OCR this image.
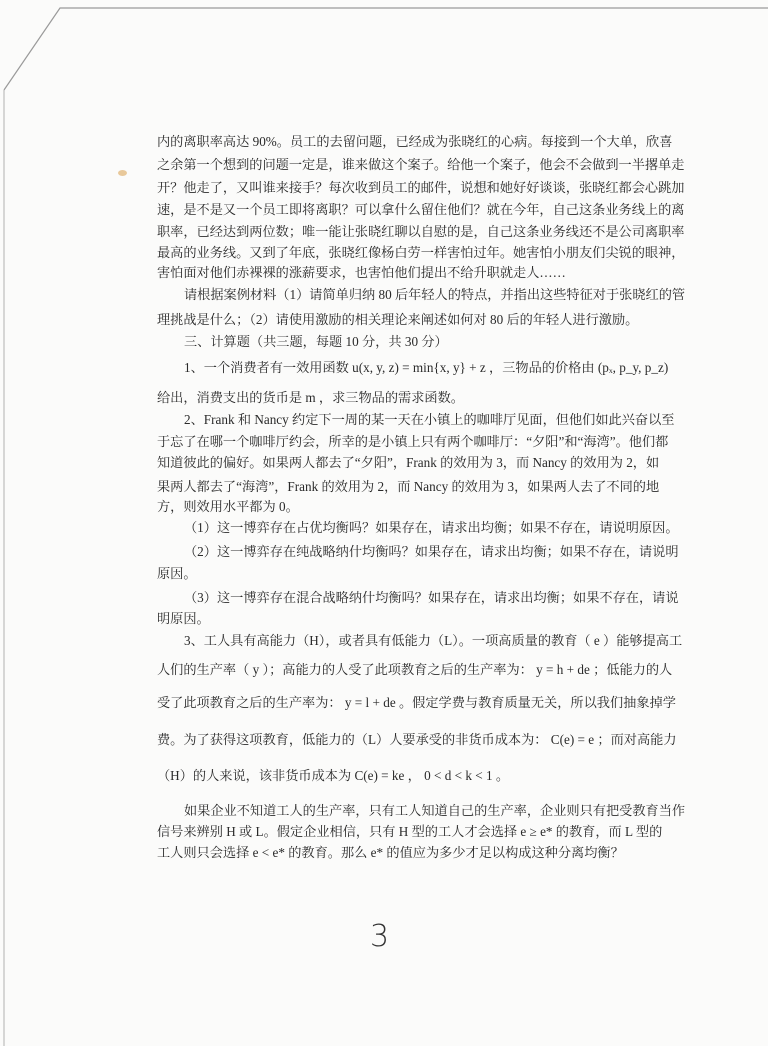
内的离职率高达 90%。员工的去留问题，已经成为张晓红的心病。每接到一个大单，欣喜
之余第一个想到的问题一定是，谁来做这个案子。给他一个案子，他会不会做到一半撂单走
开？他走了，又叫谁来接手？每次收到员工的邮件，说想和她好好谈谈，张晓红都会心跳加
速，是不是又一个员工即将离职？可以拿什么留住他们？就在今年，自己这条业务线上的离
职率，已经达到两位数；唯一能让张晓红聊以自慰的是，自己这条业务线还不是公司离职率
最高的业务线。又到了年底，张晓红像杨白劳一样害怕过年。她害怕小朋友们尖锐的眼神，
害怕面对他们赤裸裸的涨薪要求，也害怕他们提出不给升职就走人……
请根据案例材料（1）请简单归纳 80 后年轻人的特点，并指出这些特征对于张晓红的管
理挑战是什么；（2）请使用激励的相关理论来阐述如何对 80 后的年轻人进行激励。
三、计算题（共三题，每题 10 分，共 30 分）
1、一个消费者有一效用函数 u(x, y, z) = min{x, y} + z ，三物品的价格由 (pₓ, p_y, p_z)
给出，消费支出的货币是 m ，求三物品的需求函数。
2、Frank 和 Nancy 约定下一周的某一天在小镇上的咖啡厅见面，但他们如此兴奋以至
于忘了在哪一个咖啡厅约会，所幸的是小镇上只有两个咖啡厅：“夕阳”和“海湾”。他们都
知道彼此的偏好。如果两人都去了“夕阳”，Frank 的效用为 3，而 Nancy 的效用为 2，如
果两人都去了“海湾”，Frank 的效用为 2，而 Nancy 的效用为 3，如果两人去了不同的地
方，则效用水平都为 0。
（1）这一博弈存在占优均衡吗？如果存在，请求出均衡；如果不存在，请说明原因。
（2）这一博弈存在纯战略纳什均衡吗？如果存在，请求出均衡；如果不存在，请说明
原因。
（3）这一博弈存在混合战略纳什均衡吗？如果存在，请求出均衡；如果不存在，请说
明原因。
3、工人具有高能力（H），或者具有低能力（L）。一项高质量的教育（ e ）能够提高工
人们的生产率（ y ）；高能力的人受了此项教育之后的生产率为： y = h + de ；低能力的人
受了此项教育之后的生产率为： y = l + de 。假定学费与教育质量无关，所以我们抽象掉学
费。为了获得这项教育，低能力的（L）人要承受的非货币成本为： C(e) = e ；而对高能力
（H）的人来说，该非货币成本为 C(e) = ke ， 0 < d < k < 1 。
如果企业不知道工人的生产率，只有工人知道自己的生产率，企业则只有把受教育当作
信号来辨别 H 或 L。假定企业相信，只有 H 型的工人才会选择 e ≥ e* 的教育，而 L 型的
工人则只会选择 e < e* 的教育。那么 e* 的值应为多少才足以构成这种分离均衡？
3
